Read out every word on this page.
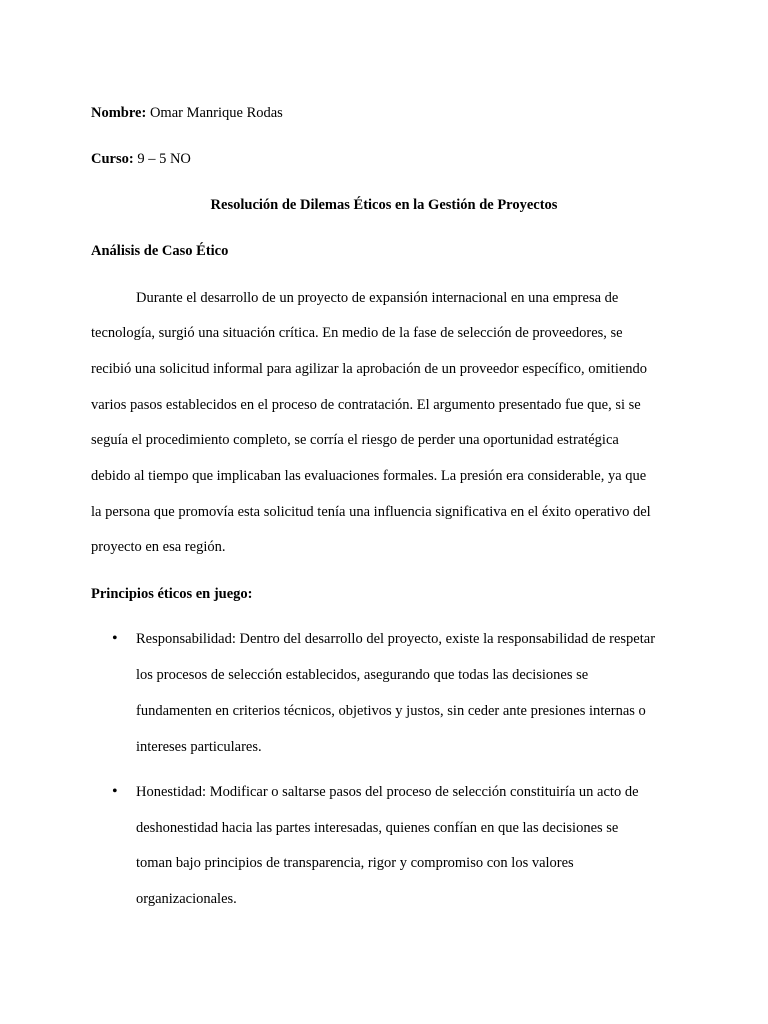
Nombre: Omar Manrique Rodas
Curso: 9 – 5 NO
Resolución de Dilemas Éticos en la Gestión de Proyectos
Análisis de Caso Ético
Durante el desarrollo de un proyecto de expansión internacional en una empresa de
tecnología, surgió una situación crítica. En medio de la fase de selección de proveedores, se
recibió una solicitud informal para agilizar la aprobación de un proveedor específico, omitiendo
varios pasos establecidos en el proceso de contratación. El argumento presentado fue que, si se
seguía el procedimiento completo, se corría el riesgo de perder una oportunidad estratégica
debido al tiempo que implicaban las evaluaciones formales. La presión era considerable, ya que
la persona que promovía esta solicitud tenía una influencia significativa en el éxito operativo del
proyecto en esa región.
Principios éticos en juego:
• Responsabilidad: Dentro del desarrollo del proyecto, existe la responsabilidad de respetar
los procesos de selección establecidos, asegurando que todas las decisiones se
fundamenten en criterios técnicos, objetivos y justos, sin ceder ante presiones internas o
intereses particulares.
• Honestidad: Modificar o saltarse pasos del proceso de selección constituiría un acto de
deshonestidad hacia las partes interesadas, quienes confían en que las decisiones se
toman bajo principios de transparencia, rigor y compromiso con los valores
organizacionales.
